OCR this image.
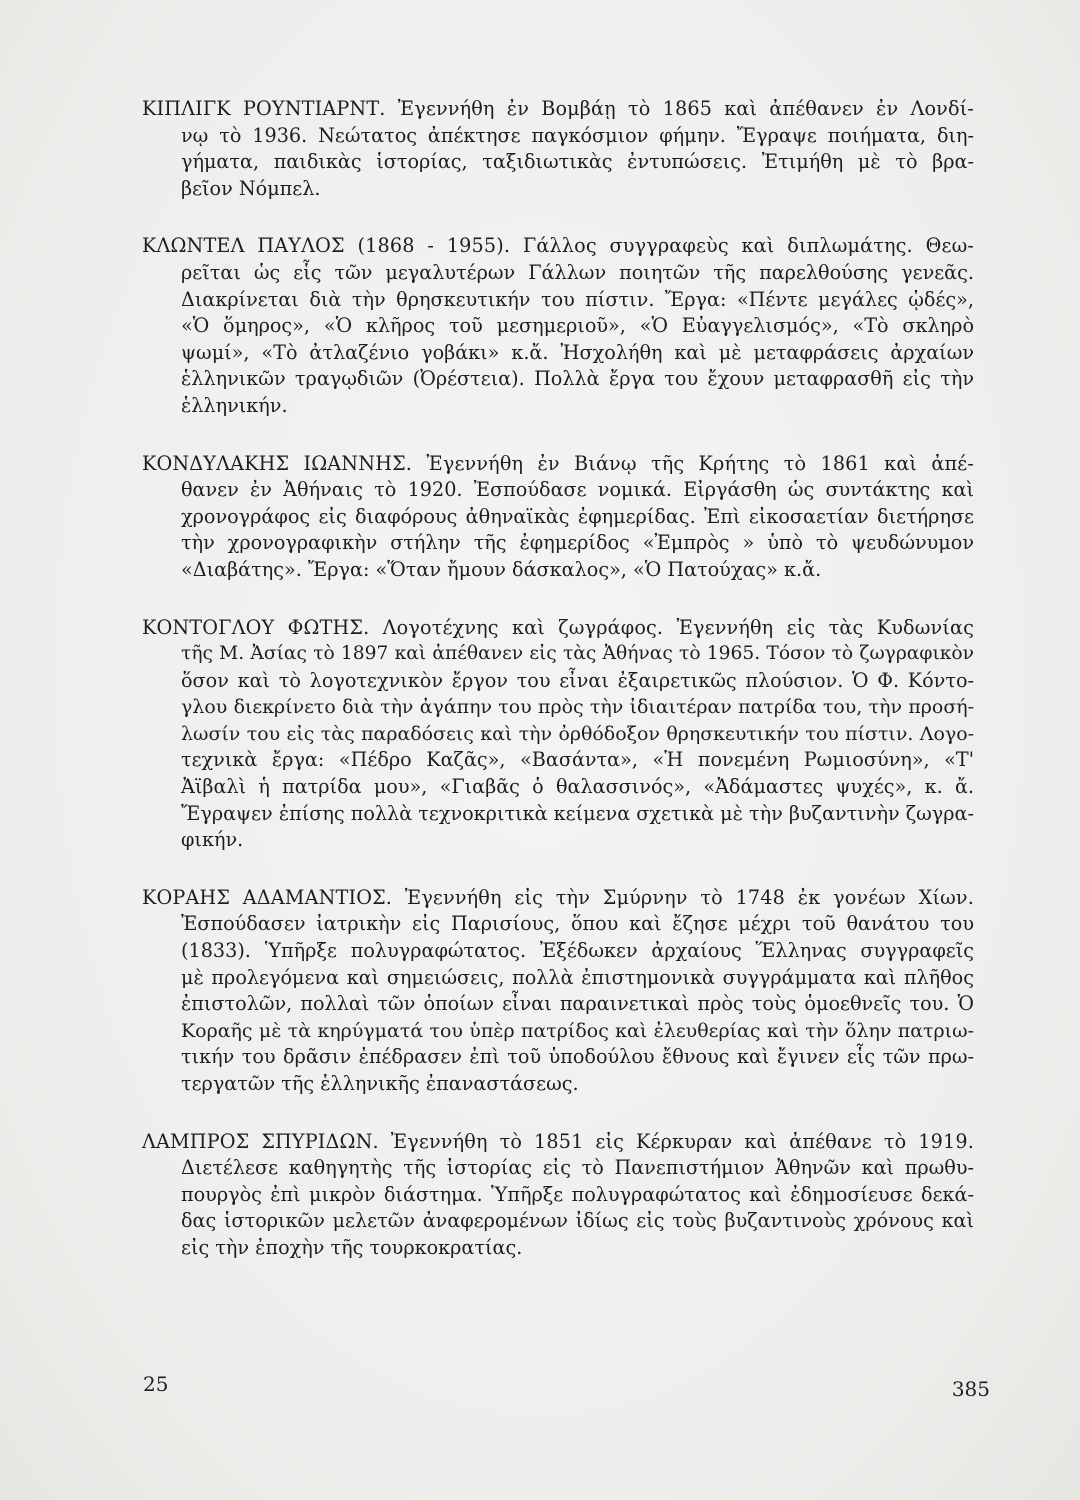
ΚΙΠΛΙΓΚ ΡΟΥΝΤΙΑΡΝΤ. Ἐγεννήθη ἐν Βομβάῃ τὸ 1865 καὶ ἀπέθανεν ἐν Λονδί-
νῳ τὸ 1936. Νεώτατος ἀπέκτησε παγκόσμιον φήμην. Ἔγραψε ποιήματα, διη-
γήματα, παιδικὰς ἱστορίας, ταξιδιωτικὰς ἐντυπώσεις. Ἐτιμήθη μὲ τὸ βρα-
βεῖον Νόμπελ.
ΚΛΩΝΤΕΛ ΠΑΥΛΟΣ (1868 - 1955). Γάλλος συγγραφεὺς καὶ διπλωμάτης. Θεω-
ρεῖται ὡς εἷς τῶν μεγαλυτέρων Γάλλων ποιητῶν τῆς παρελθούσης γενεᾶς.
Διακρίνεται διὰ τὴν θρησκευτικήν του πίστιν. Ἔργα: «Πέντε μεγάλες ᾠδές»,
«Ὁ ὅμηρος», «Ὁ κλῆρος τοῦ μεσημεριοῦ», «Ὁ Εὐαγγελισμός», «Τὸ σκληρὸ
ψωμί», «Τὸ ἀτλαζένιο γοβάκι» κ.ἄ. Ἠσχολήθη καὶ μὲ μεταφράσεις ἀρχαίων
ἑλληνικῶν τραγῳδιῶν (Ὀρέστεια). Πολλὰ ἔργα του ἔχουν μεταφρασθῆ εἰς τὴν
ἑλληνικήν.
ΚΟΝΔΥΛΑΚΗΣ ΙΩΑΝΝΗΣ. Ἐγεννήθη ἐν Βιάνῳ τῆς Κρήτης τὸ 1861 καὶ ἀπέ-
θανεν ἐν Ἀθήναις τὸ 1920. Ἐσπούδασε νομικά. Εἰργάσθη ὡς συντάκτης καὶ
χρονογράφος εἰς διαφόρους ἀθηναϊκὰς ἐφημερίδας. Ἐπὶ εἰκοσαετίαν διετήρησε
τὴν χρονογραφικὴν στήλην τῆς ἐφημερίδος «Ἐμπρὸς » ὑπὸ τὸ ψευδώνυμον
«Διαβάτης». Ἔργα: «Ὅταν ἤμουν δάσκαλος», «Ὁ Πατούχας» κ.ἄ.
ΚΟΝΤΟΓΛΟΥ ΦΩΤΗΣ. Λογοτέχνης καὶ ζωγράφος. Ἐγεννήθη εἰς τὰς Κυδωνίας
τῆς Μ. Ἀσίας τὸ 1897 καὶ ἀπέθανεν εἰς τὰς Ἀθήνας τὸ 1965. Τόσον τὸ ζωγραφικὸν
ὅσον καὶ τὸ λογοτεχνικὸν ἔργον του εἶναι ἐξαιρετικῶς πλούσιον. Ὁ Φ. Κόντο-
γλου διεκρίνετο διὰ τὴν ἀγάπην του πρὸς τὴν ἰδιαιτέραν πατρίδα του, τὴν προσή-
λωσίν του εἰς τὰς παραδόσεις καὶ τὴν ὀρθόδοξον θρησκευτικήν του πίστιν. Λογο-
τεχνικὰ ἔργα: «Πέδρο Καζᾶς», «Βασάντα», «Ἡ πονεμένη Ρωμιοσύνη», «Τ'
Ἀϊβαλὶ ἡ πατρίδα μου», «Γιαβᾶς ὁ θαλασσινός», «Ἀδάμαστες ψυχές», κ. ἄ.
Ἔγραψεν ἐπίσης πολλὰ τεχνοκριτικὰ κείμενα σχετικὰ μὲ τὴν βυζαντινὴν ζωγρα-
φικήν.
ΚΟΡΑΗΣ ΑΔΑΜΑΝΤΙΟΣ. Ἐγεννήθη εἰς τὴν Σμύρνην τὸ 1748 ἐκ γονέων Χίων.
Ἐσπούδασεν ἰατρικὴν εἰς Παρισίους, ὅπου καὶ ἔζησε μέχρι τοῦ θανάτου του
(1833). Ὑπῆρξε πολυγραφώτατος. Ἐξέδωκεν ἀρχαίους Ἕλληνας συγγραφεῖς
μὲ προλεγόμενα καὶ σημειώσεις, πολλὰ ἐπιστημονικὰ συγγράμματα καὶ πλῆθος
ἐπιστολῶν, πολλαὶ τῶν ὁποίων εἶναι παραινετικαὶ πρὸς τοὺς ὁμοεθνεῖς του. Ὁ
Κοραῆς μὲ τὰ κηρύγματά του ὑπὲρ πατρίδος καὶ ἐλευθερίας καὶ τὴν ὅλην πατριω-
τικήν του δρᾶσιν ἐπέδρασεν ἐπὶ τοῦ ὑποδούλου ἔθνους καὶ ἔγινεν εἷς τῶν πρω-
τεργατῶν τῆς ἑλληνικῆς ἐπαναστάσεως.
ΛΑΜΠΡΟΣ ΣΠΥΡΙΔΩΝ. Ἐγεννήθη τὸ 1851 εἰς Κέρκυραν καὶ ἀπέθανε τὸ 1919.
Διετέλεσε καθηγητὴς τῆς ἱστορίας εἰς τὸ Πανεπιστήμιον Ἀθηνῶν καὶ πρωθυ-
πουργὸς ἐπὶ μικρὸν διάστημα. Ὑπῆρξε πολυγραφώτατος καὶ ἐδημοσίευσε δεκά-
δας ἱστορικῶν μελετῶν ἀναφερομένων ἰδίως εἰς τοὺς βυζαντινοὺς χρόνους καὶ
εἰς τὴν ἐποχὴν τῆς τουρκοκρατίας.
25	385
